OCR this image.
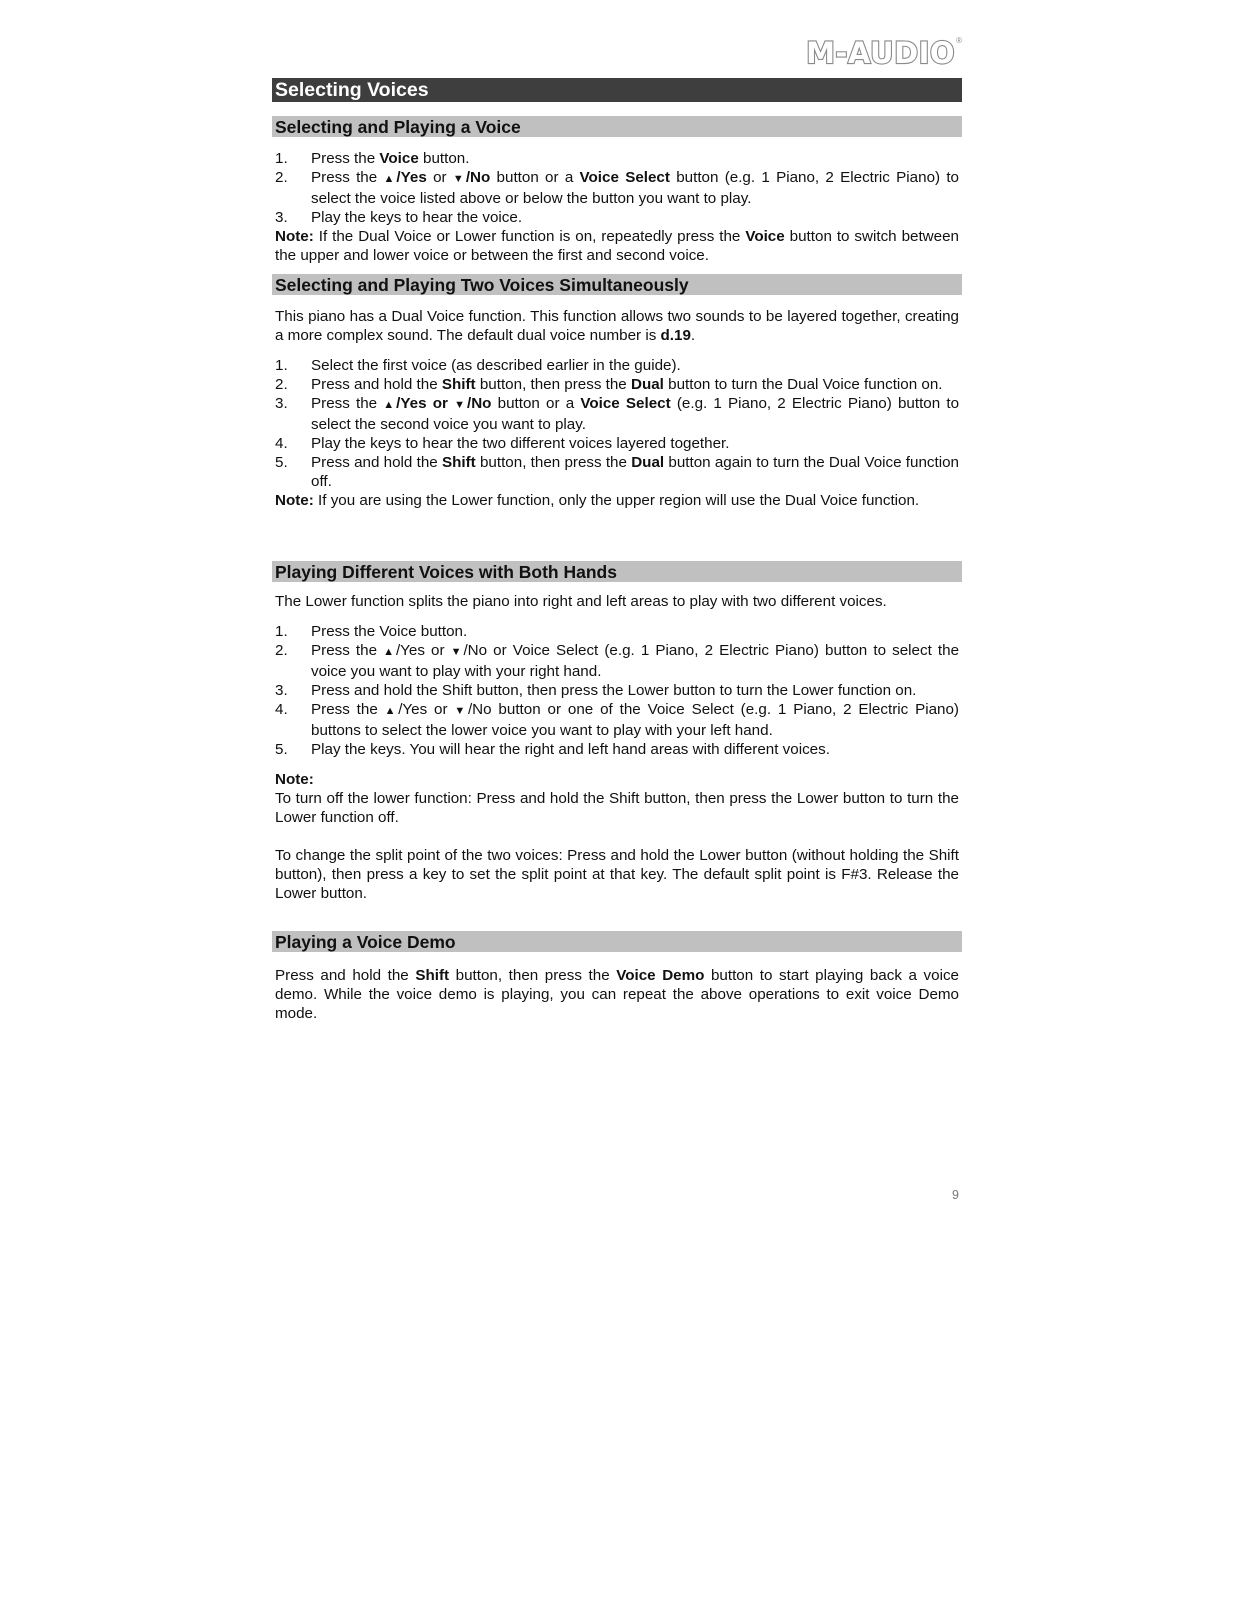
M-AUDIO®
Selecting Voices
Selecting and Playing a Voice
1. Press the Voice button.
2. Press the ▲/Yes or ▼/No button or a Voice Select button (e.g. 1 Piano, 2 Electric Piano) to select the voice listed above or below the button you want to play.
3. Play the keys to hear the voice.

Note: If the Dual Voice or Lower function is on, repeatedly press the Voice button to switch between the upper and lower voice or between the first and second voice.

Selecting and Playing Two Voices Simultaneously

This piano has a Dual Voice function. This function allows two sounds to be layered together, creating a more complex sound. The default dual voice number is d.19.

1. Select the first voice (as described earlier in the guide).
2. Press and hold the Shift button, then press the Dual button to turn the Dual Voice function on.
3. Press the ▲/Yes or ▼/No button or a Voice Select (e.g. 1 Piano, 2 Electric Piano) button to select the second voice you want to play.
4. Play the keys to hear the two different voices layered together.
5. Press and hold the Shift button, then press the Dual button again to turn the Dual Voice function off.

Note: If you are using the Lower function, only the upper region will use the Dual Voice function.

Playing Different Voices with Both Hands

The Lower function splits the piano into right and left areas to play with two different voices.

1. Press the Voice button.
2. Press the ▲/Yes or ▼/No or Voice Select (e.g. 1 Piano, 2 Electric Piano) button to select the voice you want to play with your right hand.
3. Press and hold the Shift button, then press the Lower button to turn the Lower function on.
4. Press the ▲/Yes or ▼/No button or one of the Voice Select (e.g. 1 Piano, 2 Electric Piano) buttons to select the lower voice you want to play with your left hand.
5. Play the keys. You will hear the right and left hand areas with different voices.

Note:

To turn off the lower function: Press and hold the Shift button, then press the Lower button to turn the Lower function off.

To change the split point of the two voices: Press and hold the Lower button (without holding the Shift button), then press a key to set the split point at that key. The default split point is F#3. Release the Lower button.

Playing a Voice Demo

Press and hold the Shift button, then press the Voice Demo button to start playing back a voice demo. While the voice demo is playing, you can repeat the above operations to exit voice Demo mode.

9
